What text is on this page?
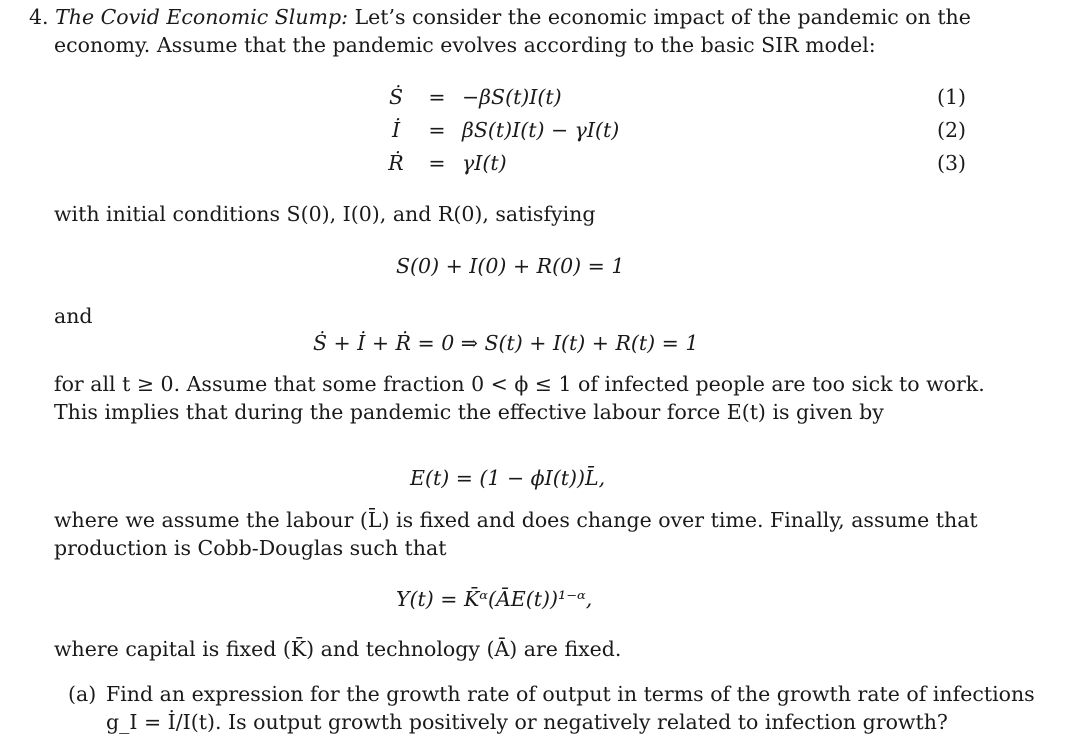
4. The Covid Economic Slump: Let’s consider the economic impact of the pandemic on the
economy. Assume that the pandemic evolves according to the basic SIR model:
Ṡ	= −βS(t)I(t)	(1)
İ	= βS(t)I(t) − γI(t)	(2)
Ṙ	= γI(t)	(3)
with initial conditions S(0), I(0), and R(0), satisfying
S(0) + I(0) + R(0) = 1
and
Ṡ + İ + Ṙ = 0 ⇒ S(t) + I(t) + R(t) = 1
for all t ≥ 0. Assume that some fraction 0 < ϕ ≤ 1 of infected people are too sick to work.
This implies that during the pandemic the effective labour force E(t) is given by
E(t) = (1 − ϕI(t))L̄,
where we assume the labour (L̄) is fixed and does change over time. Finally, assume that
production is Cobb-Douglas such that
Y(t) = K̄ᵅ(ĀE(t))¹⁻ᵅ,
where capital is fixed (K̄) and technology (Ā) are fixed.
(a) Find an expression for the growth rate of output in terms of the growth rate of infections
g_I = İ/I(t). Is output growth positively or negatively related to infection growth?
